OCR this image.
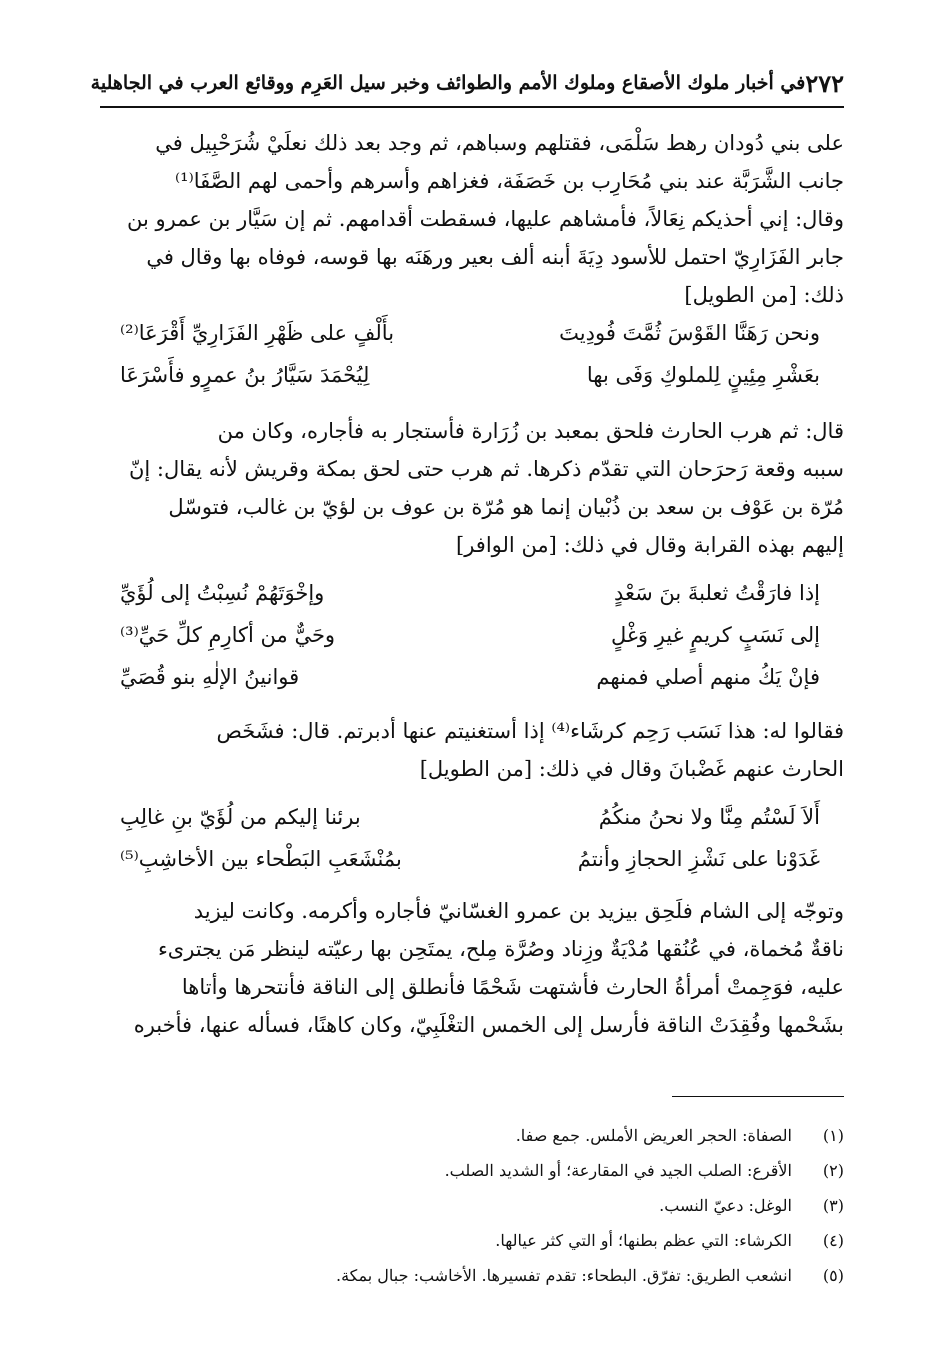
٢٧٢
في أخبار ملوك الأصقاع وملوك الأمم والطوائف وخبر سيل العَرِم ووقائع العرب في الجاهلية
على بني دُودان رهط سَلْمَى، فقتلهم وسباهم، ثم وجد بعد ذلك نعلَيْ شُرَحْبِيل في
جانب الشَّرَبَّة عند بني مُحَارِب بن خَصَفَة، فغزاهم وأسرهم وأحمى لهم الصَّفَا⁽¹⁾
وقال: إني أحذيكم نِعَالاً، فأمشاهم عليها، فسقطت أقدامهم. ثم إن سَيَّار بن عمرو بن
جابر الفَزَارِيّ احتمل للأسود دِيَةَ أبنه ألف بعير ورهَنَه بها قوسه، فوفاه بها وقال في
ذلك: [من الطويل]
ونحن رَهَنَّا القَوْسَ ثُمَّتَ فُودِيتَ
بأَلْفٍ على ظَهْرِ الفَزَارِيِّ أَقْرَعَا⁽²⁾
بعَشْرِ مِئِينٍ لِلملوكِ وَفَى بها
لِيُحْمَدَ سَيَّارُ بنُ عمرٍو فأَسْرَعَا
قال: ثم هرب الحارث فلحق بمعبد بن زُرَارة فأستجار به فأجاره، وكان من
سببه وقعة رَحرَحان التي تقدّم ذكرها. ثم هرب حتى لحق بمكة وقريش لأنه يقال: إنّ
مُرّة بن عَوْف بن سعد بن ذُبْيان إنما هو مُرّة بن عوف بن لؤيّ بن غالب، فتوسّل
إليهم بهذه القرابة وقال في ذلك: [من الوافر]
إذا فارَقْتُ ثعلبةَ بنَ سَعْدٍ
وإخْوَتَهُمْ نُسِبْتُ إلى لُؤَيِّ
إلى نَسَبٍ كريمٍ غيرِ وَغْلٍ
وحَيٌّ من أكارِمِ كلِّ حَيِّ⁽³⁾
فإنْ يَكُ منهم أصلي فمنهم
قوانينُ الإلٰهِ بنو قُصَيِّ
فقالوا له: هذا نَسَب رَحِم كرشَاء⁽⁴⁾ إذا أستغنيتم عنها أدبرتم. قال: فشَخَص
الحارث عنهم غَضْبانَ وقال في ذلك: [من الطويل]
أَلاَ لَسْتُم مِنَّا ولا نحنُ منكُمُ
برئنا إليكم من لُؤَيّ بنِ غالِبِ
غَدَوْنا على نَشْزِ الحجازِ وأنتمُ
بمُنْشَعَبِ البَطْحاء بين الأخاشِبِ⁽⁵⁾
وتوجّه إلى الشام فلَحِق بيزيد بن عمرو الغسّانيّ فأجاره وأكرمه. وكانت ليزيد
ناقةٌ مُخماة، في عُنُقها مُدْيَةٌ وزِناد وصُرَّة مِلح، يمتَحِن بها رعيّته لينظر مَن يجترىء
عليه، فوَجِمتْ أمرأةُ الحارث فأشتهت شَحْمًا فأنطلق إلى الناقة فأنتحرها وأتاها
بشَحْمها وفُقِدَتْ الناقة فأرسل إلى الخمس التغْلَبِيّ، وكان كاهنًا، فسأله عنها، فأخبره
(١)
الصفاة: الحجر العريض الأملس. جمع صفا.
(٢)
الأقرع: الصلب الجيد في المقارعة؛ أو الشديد الصلب.
(٣)
الوغل: دعيّ النسب.
(٤)
الكرشاء: التي عظم بطنها؛ أو التي كثر عيالها.
(٥)
انشعب الطريق: تفرّق. البطحاء: تقدم تفسيرها. الأخاشب: جبال بمكة.
